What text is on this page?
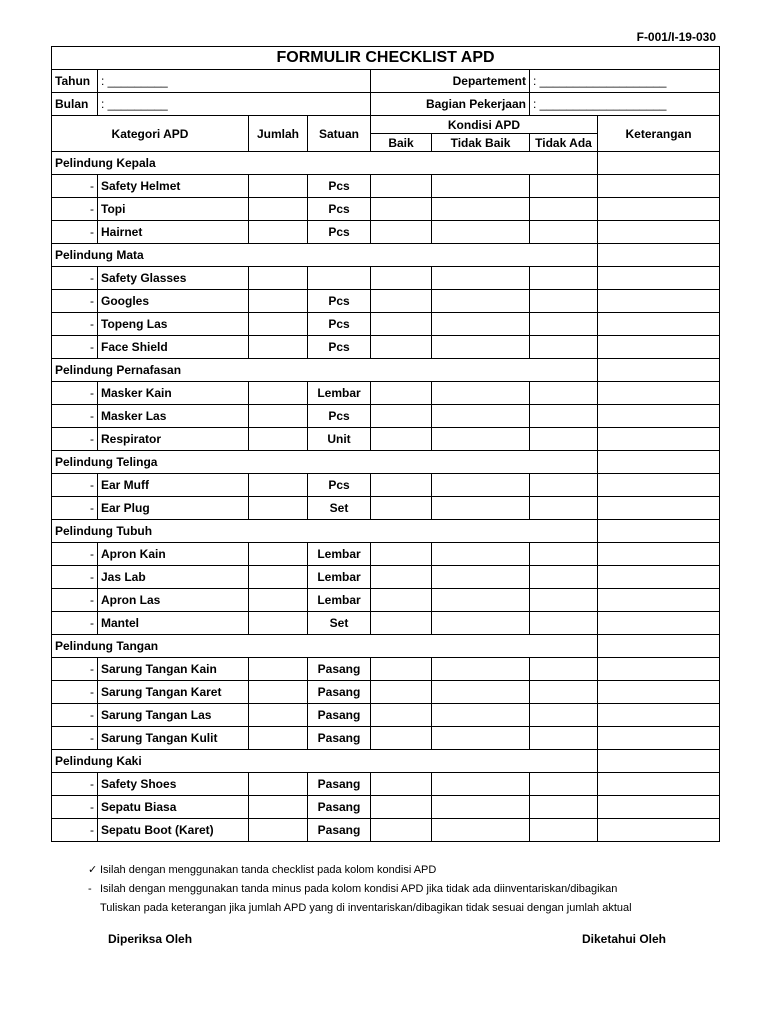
F-001/I-19-030
FORMULIR CHECKLIST APD							
Tahun	: _________			Departement		: ___________________	
Bulan	: _________			Bagian Pekerjaan		: ___________________	
Kategori APD		Jumlah	Satuan	Kondisi APD			Keterangan
				Baik	Tidak Baik	Tidak Ada	
Pelindung Kepala							
-	Safety Helmet		Pcs				
-	Topi		Pcs				
-	Hairnet		Pcs				
Pelindung Mata							
-	Safety Glasses						
-	Googles		Pcs				
-	Topeng Las		Pcs				
-	Face Shield		Pcs				
Pelindung Pernafasan							
-	Masker Kain		Lembar				
-	Masker Las		Pcs				
-	Respirator		Unit				
Pelindung Telinga							
-	Ear Muff		Pcs				
-	Ear Plug		Set				
Pelindung Tubuh							
-	Apron Kain		Lembar				
-	Jas Lab		Lembar				
-	Apron Las		Lembar				
-	Mantel		Set				
Pelindung Tangan							
-	Sarung Tangan Kain		Pasang				
-	Sarung Tangan Karet		Pasang				
-	Sarung Tangan Las		Pasang				
-	Sarung Tangan Kulit		Pasang				
Pelindung Kaki							
-	Safety Shoes		Pasang				
-	Sepatu Biasa		Pasang				
-	Sepatu Boot (Karet)		Pasang				
✓ Isilah dengan menggunakan tanda checklist pada kolom kondisi APD
- Isilah dengan menggunakan tanda minus pada kolom kondisi APD jika tidak ada diinventariskan/dibagikan
Tuliskan pada keterangan jika jumlah APD yang di inventariskan/dibagikan tidak sesuai dengan jumlah aktual
Diperiksa Oleh	Diketahui Oleh
